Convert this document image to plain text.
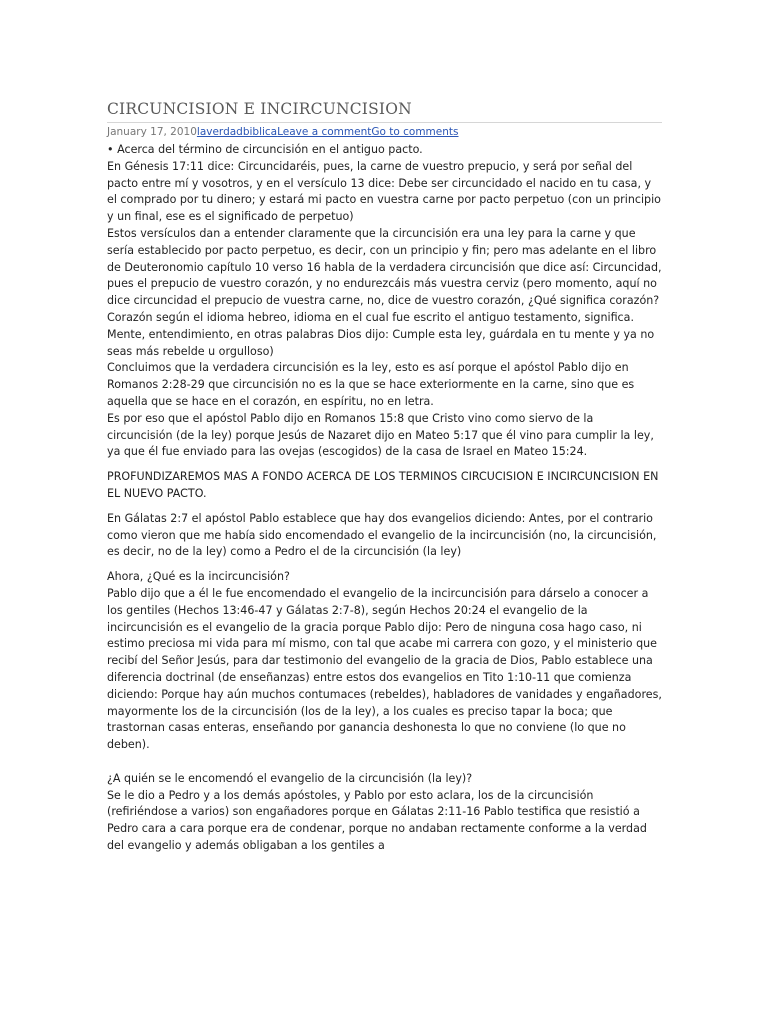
CIRCUNCISION E INCIRCUNCISION
January 17, 2010laverdadbiblicaLeave a commentGo to comments

• Acerca del término de circuncisión en el antiguo pacto.

En Génesis 17:11 dice: Circuncidaréis, pues, la carne de vuestro prepucio, y será por señal del pacto entre mí y vosotros, y en el versículo 13 dice: Debe ser circuncidado el nacido en tu casa, y el comprado por tu dinero; y estará mi pacto en vuestra carne por pacto perpetuo (con un principio y un final, ese es el significado de perpetuo)

Estos versículos dan a entender claramente que la circuncisión era una ley para la carne y que sería establecido por pacto perpetuo, es decir, con un principio y fin; pero mas adelante en el libro de Deuteronomio capítulo 10 verso 16 habla de la verdadera circuncisión que dice así: Circuncidad, pues el prepucio de vuestro corazón, y no endurezcáis más vuestra cerviz (pero momento, aquí no dice circuncidad el prepucio de vuestra carne, no, dice de vuestro corazón, ¿Qué significa corazón? Corazón según el idioma hebreo, idioma en el cual fue escrito el antiguo testamento, significa. Mente, entendimiento, en otras palabras Dios dijo: Cumple esta ley, guárdala en tu mente y ya no seas más rebelde u orgulloso)

Concluimos que la verdadera circuncisión es la ley, esto es así porque el apóstol Pablo dijo en Romanos 2:28-29 que circuncisión no es la que se hace exteriormente en la carne, sino que es aquella que se hace en el corazón, en espíritu, no en letra.

Es por eso que el apóstol Pablo dijo en Romanos 15:8 que Cristo vino como siervo de la circuncisión (de la ley) porque Jesús de Nazaret dijo en Mateo 5:17 que él vino para cumplir la ley, ya que él fue enviado para las ovejas (escogidos) de la casa de Israel en Mateo 15:24.

PROFUNDIZAREMOS MAS A FONDO ACERCA DE LOS TERMINOS CIRCUCISION E INCIRCUNCISION EN EL NUEVO PACTO.

En Gálatas 2:7 el apóstol Pablo establece que hay dos evangelios diciendo: Antes, por el contrario como vieron que me había sido encomendado el evangelio de la incircuncisión (no, la circuncisión, es decir, no de la ley) como a Pedro el de la circuncisión (la ley)

Ahora, ¿Qué es la incircuncisión?

Pablo dijo que a él le fue encomendado el evangelio de la incircuncisión para dárselo a conocer a los gentiles (Hechos 13:46-47 y Gálatas 2:7-8), según Hechos 20:24 el evangelio de la incircuncisión es el evangelio de la gracia porque Pablo dijo: Pero de ninguna cosa hago caso, ni estimo preciosa mi vida para mí mismo, con tal que acabe mi carrera con gozo, y el ministerio que recibí del Señor Jesús, para dar testimonio del evangelio de la gracia de Dios, Pablo establece una diferencia doctrinal (de enseñanzas) entre estos dos evangelios en Tito 1:10-11 que comienza diciendo: Porque hay aún muchos contumaces (rebeldes), habladores de vanidades y engañadores, mayormente los de la circuncisión (los de la ley), a los cuales es preciso tapar la boca; que trastornan casas enteras, enseñando por ganancia deshonesta lo que no conviene (lo que no deben).

¿A quién se le encomendó el evangelio de la circuncisión (la ley)?

Se le dio a Pedro y a los demás apóstoles, y Pablo por esto aclara, los de la circuncisión (refiriéndose a varios) son engañadores porque en Gálatas 2:11-16 Pablo testifica que resistió a Pedro cara a cara porque era de condenar, porque no andaban rectamente conforme a la verdad del evangelio y además obligaban a los gentiles a
